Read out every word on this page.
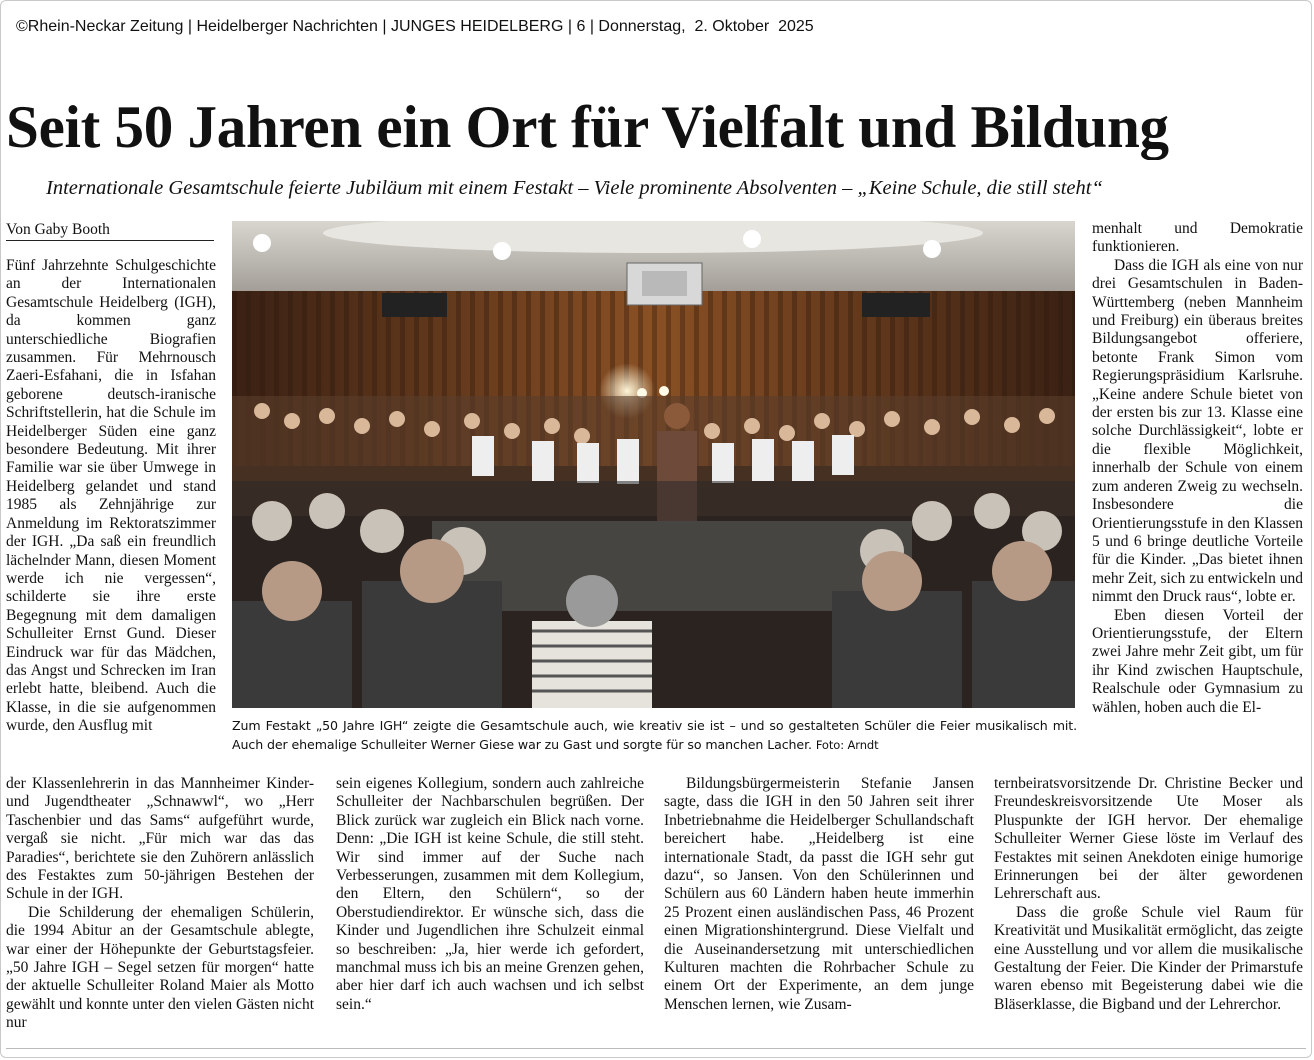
©Rhein-Neckar Zeitung | Heidelberger Nachrichten | JUNGES HEIDELBERG | 6 | Donnerstag,  2. Oktober  2025
Seit 50 Jahren ein Ort für Vielfalt und Bildung
Internationale Gesamtschule feierte Jubiläum mit einem Festakt – Viele prominente Absolventen – „Keine Schule, die still steht“
Von Gaby Booth

Fünf Jahrzehnte Schulgeschichte an der Internationalen Gesamtschule Heidelberg (IGH), da kommen ganz unterschiedliche Biografien zusammen. Für Mehrnousch Zaeri-Esfahani, die in Isfahan geborene deutsch-iranische Schriftstellerin, hat die Schule im Heidelberger Süden eine ganz besondere Bedeutung. Mit ihrer Familie war sie über Umwege in Heidelberg gelandet und stand 1985 als Zehnjährige zur Anmeldung im Rektoratszimmer der IGH. „Da saß ein freundlich lächelnder Mann, diesen Moment werde ich nie vergessen“, schilderte sie ihre erste Begegnung mit dem damaligen Schulleiter Ernst Gund. Dieser Eindruck war für das Mädchen, das Angst und Schrecken im Iran erlebt hatte, bleibend. Auch die Klasse, in die sie aufgenommen wurde, den Ausflug mit

der Klassenlehrerin in das Mannheimer Kinder- und Jugendtheater „Schnawwl“, wo „Herr Taschenbier und das Sams“ aufgeführt wurde, vergaß sie nicht. „Für mich war das das Paradies“, berichtete sie den Zuhörern anlässlich des Festaktes zum 50-jährigen Bestehen der Schule in der IGH.

Die Schilderung der ehemaligen Schülerin, die 1994 Abitur an der Gesamtschule ablegte, war einer der Höhepunkte der Geburtstagsfeier. „50 Jahre IGH – Segel setzen für morgen“ hatte der aktuelle Schulleiter Roland Maier als Motto gewählt und konnte unter den vielen Gästen nicht nur

sein eigenes Kollegium, sondern auch zahlreiche Schulleiter der Nachbarschulen begrüßen. Der Blick zurück war zugleich ein Blick nach vorne. Denn: „Die IGH ist keine Schule, die still steht. Wir sind immer auf der Suche nach Verbesserungen, zusammen mit dem Kollegium, den Eltern, den Schülern“, so der Oberstudiendirektor. Er wünsche sich, dass die Kinder und Jugendlichen ihre Schulzeit einmal so beschreiben: „Ja, hier werde ich gefordert, manchmal muss ich bis an meine Grenzen gehen, aber hier darf ich auch wachsen und ich selbst sein.“

Bildungsbürgermeisterin Stefanie Jansen sagte, dass die IGH in den 50 Jahren seit ihrer Inbetriebnahme die Heidelberger Schullandschaft bereichert habe. „Heidelberg ist eine internationale Stadt, da passt die IGH sehr gut dazu“, so Jansen. Von den Schülerinnen und Schülern aus 60 Ländern haben heute immerhin 25 Prozent einen ausländischen Pass, 46 Prozent einen Migrationshintergrund. Diese Vielfalt und die Auseinandersetzung mit unterschiedlichen Kulturen machten die Rohrbacher Schule zu einem Ort der Experimente, an dem junge Menschen lernen, wie Zusam-

menhalt und Demokratie funktionieren.

Dass die IGH als eine von nur drei Gesamtschulen in Baden-Württemberg (neben Mannheim und Freiburg) ein überaus breites Bildungsangebot offeriere, betonte Frank Simon vom Regierungspräsidium Karlsruhe. „Keine andere Schule bietet von der ersten bis zur 13. Klasse eine solche Durchlässigkeit“, lobte er die flexible Möglichkeit, innerhalb der Schule von einem zum anderen Zweig zu wechseln. Insbesondere die Orientierungsstufe in den Klassen 5 und 6 bringe deutliche Vorteile für die Kinder. „Das bietet ihnen mehr Zeit, sich zu entwickeln und nimmt den Druck raus“, lobte er.

Eben diesen Vorteil der Orientierungsstufe, der Eltern zwei Jahre mehr Zeit gibt, um für ihr Kind zwischen Hauptschule, Realschule oder Gymnasium zu wählen, hoben auch die El-

ternbeiratsvorsitzende Dr. Christine Becker und Freundeskreisvorsitzende Ute Moser als Pluspunkte der IGH hervor. Der ehemalige Schulleiter Werner Giese löste im Verlauf des Festaktes mit seinen Anekdoten einige humorige Erinnerungen bei der älter gewordenen Lehrerschaft aus.

Dass die große Schule viel Raum für Kreativität und Musikalität ermöglicht, das zeigte eine Ausstellung und vor allem die musikalische Gestaltung der Feier. Die Kinder der Primarstufe waren ebenso mit Begeisterung dabei wie die Bläserklasse, die Bigband und der Lehrerchor.

Zum Festakt „50 Jahre IGH“ zeigte die Gesamtschule auch, wie kreativ sie ist – und so gestalteten Schüler die Feier musikalisch mit. Auch der ehemalige Schulleiter Werner Giese war zu Gast und sorgte für so manchen Lacher. Foto: Arndt
